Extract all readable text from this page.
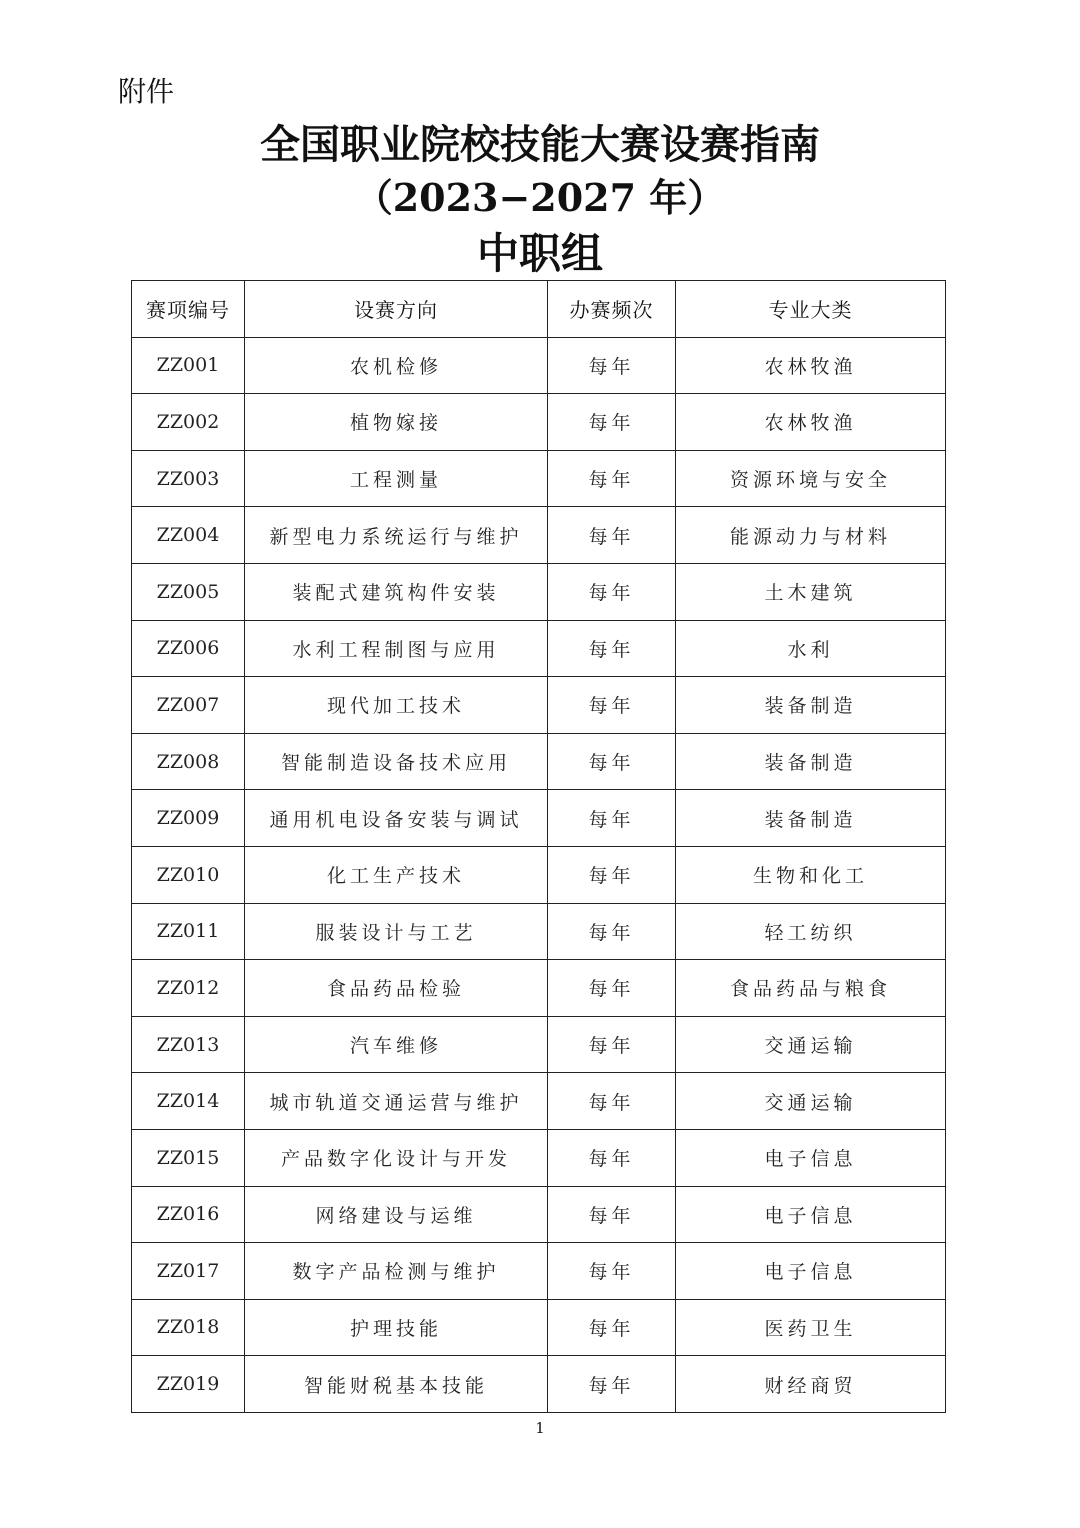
附件
全国职业院校技能大赛设赛指南
（2023−2027 年）
中职组
赛项编号	设赛方向	办赛频次	专业大类
ZZ001	农机检修	每年	农林牧渔
ZZ002	植物嫁接	每年	农林牧渔
ZZ003	工程测量	每年	资源环境与安全
ZZ004	新型电力系统运行与维护	每年	能源动力与材料
ZZ005	装配式建筑构件安装	每年	土木建筑
ZZ006	水利工程制图与应用	每年	水利
ZZ007	现代加工技术	每年	装备制造
ZZ008	智能制造设备技术应用	每年	装备制造
ZZ009	通用机电设备安装与调试	每年	装备制造
ZZ010	化工生产技术	每年	生物和化工
ZZ011	服装设计与工艺	每年	轻工纺织
ZZ012	食品药品检验	每年	食品药品与粮食
ZZ013	汽车维修	每年	交通运输
ZZ014	城市轨道交通运营与维护	每年	交通运输
ZZ015	产品数字化设计与开发	每年	电子信息
ZZ016	网络建设与运维	每年	电子信息
ZZ017	数字产品检测与维护	每年	电子信息
ZZ018	护理技能	每年	医药卫生
ZZ019	智能财税基本技能	每年	财经商贸
1
